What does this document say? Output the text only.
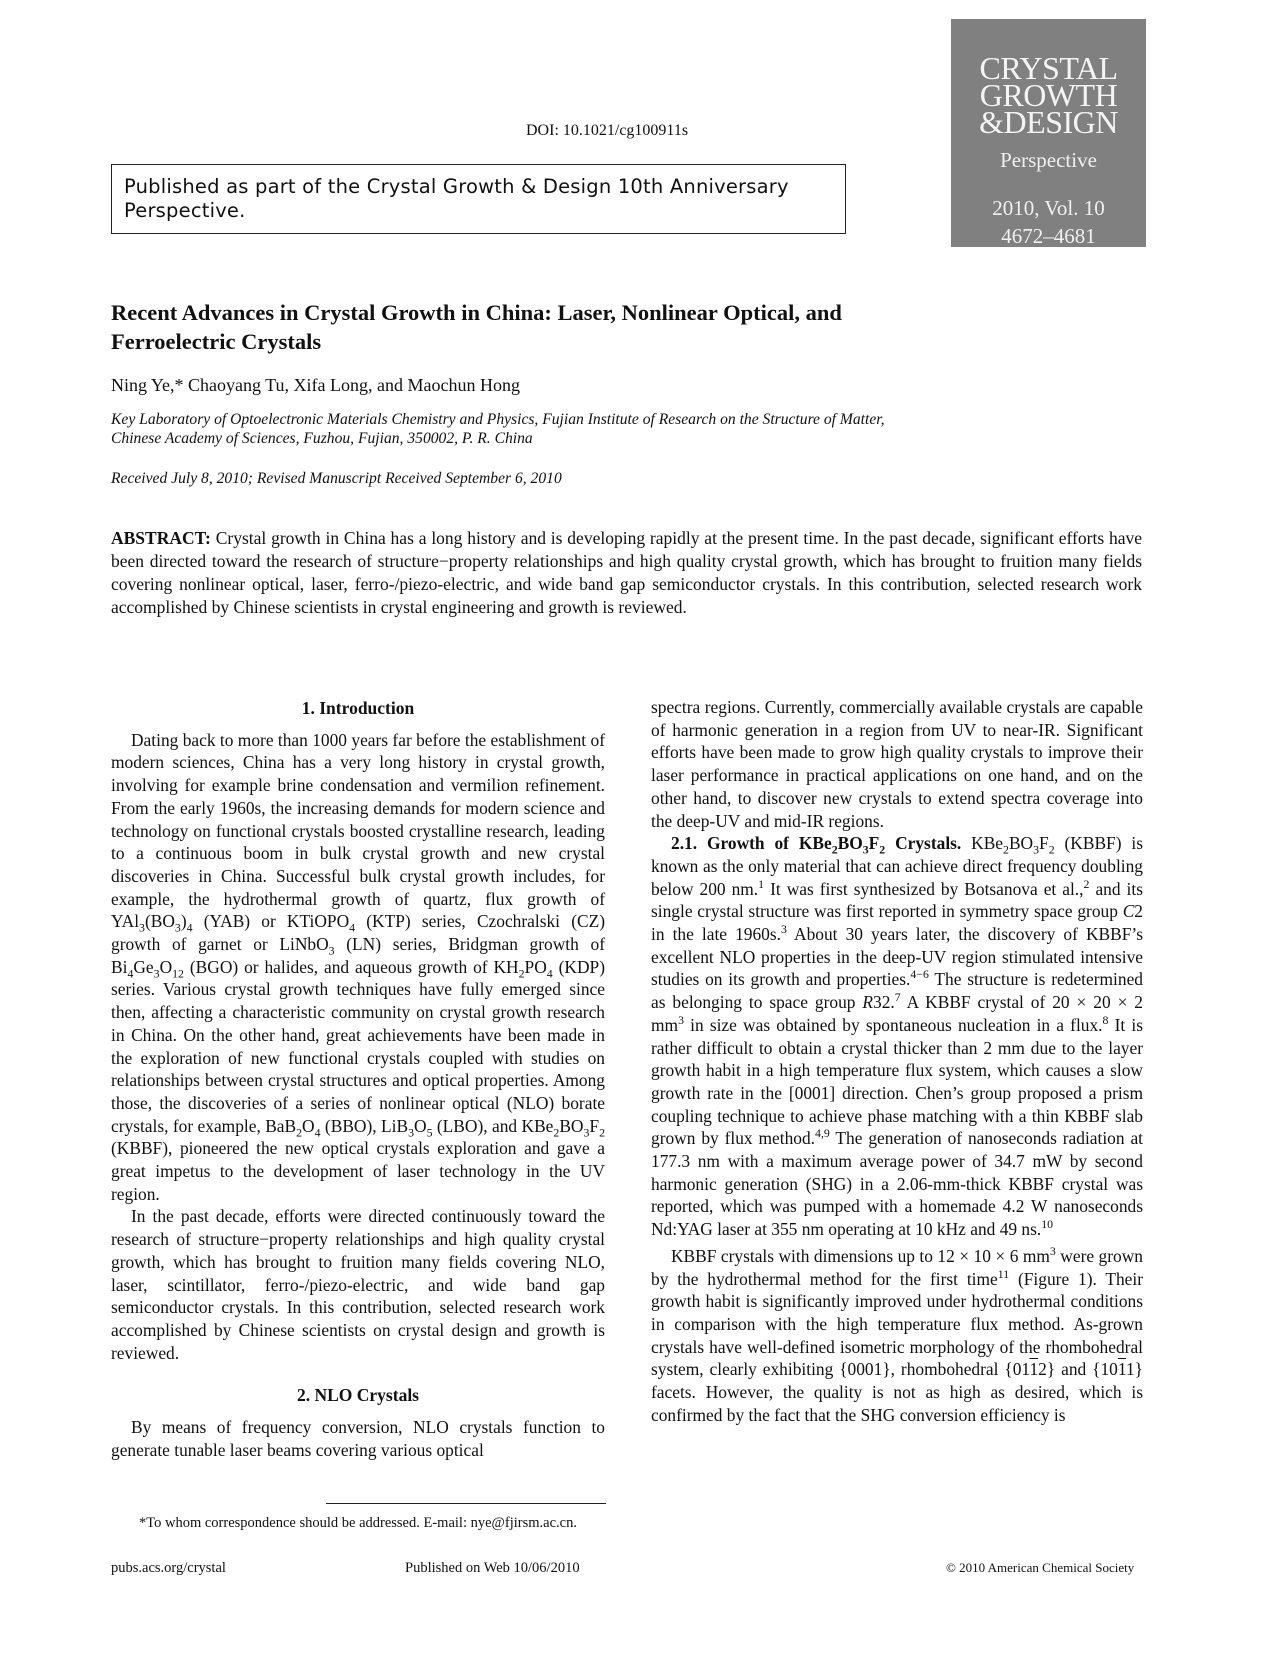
DOI: 10.1021/cg100911s
Published as part of the Crystal Growth & Design 10th Anniversary Perspective.
CRYSTAL
GROWTH
&DESIGN
Perspective
2010, Vol. 10
4672–4681
Recent Advances in Crystal Growth in China: Laser, Nonlinear Optical, and Ferroelectric Crystals
Ning Ye,* Chaoyang Tu, Xifa Long, and Maochun Hong
Key Laboratory of Optoelectronic Materials Chemistry and Physics, Fujian Institute of Research on the Structure of Matter, Chinese Academy of Sciences, Fuzhou, Fujian, 350002, P. R. China
Received July 8, 2010; Revised Manuscript Received September 6, 2010
ABSTRACT: Crystal growth in China has a long history and is developing rapidly at the present time. In the past decade, significant efforts have been directed toward the research of structure−property relationships and high quality crystal growth, which has brought to fruition many fields covering nonlinear optical, laser, ferro-/piezo-electric, and wide band gap semiconductor crystals. In this contribution, selected research work accomplished by Chinese scientists in crystal engineering and growth is reviewed.
1. Introduction

Dating back to more than 1000 years far before the establishment of modern sciences, China has a very long history in crystal growth, involving for example brine condensation and vermilion refinement. From the early 1960s, the increasing demands for modern science and technology on functional crystals boosted crystalline research, leading to a continuous boom in bulk crystal growth and new crystal discoveries in China. Successful bulk crystal growth includes, for example, the hydrothermal growth of quartz, flux growth of $YAl_3(BO_3)_4$ (YAB) or KTiOPO$_4$ (KTP) series, Czochralski (CZ) growth of garnet or LiNbO$_3$ (LN) series, Bridgman growth of $Bi_4Ge_3O_{12}$ (BGO) or halides, and aqueous growth of $KH_2PO_4$ (KDP) series. Various crystal growth techniques have fully emerged since then, affecting a characteristic community on crystal growth research in China. On the other hand, great achievements have been made in the exploration of new functional crystals coupled with studies on relationships between crystal structures and optical properties. Among those, the discoveries of a series of nonlinear optical (NLO) borate crystals, for example, $BaB_2O_4$ (BBO), $LiB_3O_5$ (LBO), and $KBe_2BO_3F_2$ (KBBF), pioneered the new optical crystals exploration and gave a great impetus to the development of laser technology in the UV region.

In the past decade, efforts were directed continuously toward the research of structure−property relationships and high quality crystal growth, which has brought to fruition many fields covering NLO, laser, scintillator, ferro-/piezo-electric, and wide band gap semiconductor crystals. In this contribution, selected research work accomplished by Chinese scientists on crystal design and growth is reviewed.

2. NLO Crystals

By means of frequency conversion, NLO crystals function to generate tunable laser beams covering various optical

spectra regions. Currently, commercially available crystals are capable of harmonic generation in a region from UV to near-IR. Significant efforts have been made to grow high quality crystals to improve their laser performance in practical applications on one hand, and on the other hand, to discover new crystals to extend spectra coverage into the deep-UV and mid-IR regions.

2.1. Growth of $KBe_2BO_3F_2$ Crystals. $KBe_2BO_3F_2$ (KBBF) is known as the only material that can achieve direct frequency doubling below 200 nm.$^1$ It was first synthesized by Botsanova et al.,$^2$ and its single crystal structure was first reported in symmetry space group C2 in the late 1960s.$^3$ About 30 years later, the discovery of KBBF’s excellent NLO properties in the deep-UV region stimulated intensive studies on its growth and properties.$^{4-6}$ The structure is redetermined as belonging to space group R32.$^7$ A KBBF crystal of 20 × 20 × 2 $mm^3$ in size was obtained by spontaneous nucleation in a flux.$^8$ It is rather difficult to obtain a crystal thicker than 2 mm due to the layer growth habit in a high temperature flux system, which causes a slow growth rate in the [0001] direction. Chen’s group proposed a prism coupling technique to achieve phase matching with a thin KBBF slab grown by flux method.$^{4,9}$ The generation of nanoseconds radiation at 177.3 nm with a maximum average power of 34.7 mW by second harmonic generation (SHG) in a 2.06-mm-thick KBBF crystal was reported, which was pumped with a homemade 4.2 W nanoseconds Nd:YAG laser at 355 nm operating at 10 kHz and 49 ns.$^{10}$

KBBF crystals with dimensions up to 12 × 10 × 6 $mm^3$ were grown by the hydrothermal method for the first time$^{11}$ (Figure 1). Their growth habit is significantly improved under hydrothermal conditions in comparison with the high temperature flux method. As-grown crystals have well-defined isometric morphology of the rhombohedral system, clearly exhibiting {0001}, rhombohedral {0112} and {1011} facets. However, the quality is not as high as desired, which is confirmed by the fact that the SHG conversion efficiency is

*To whom correspondence should be addressed. E-mail: nye@fjirsm.ac.cn.
pubs.acs.org/crystal	Published on Web 10/06/2010	© 2010 American Chemical Society
